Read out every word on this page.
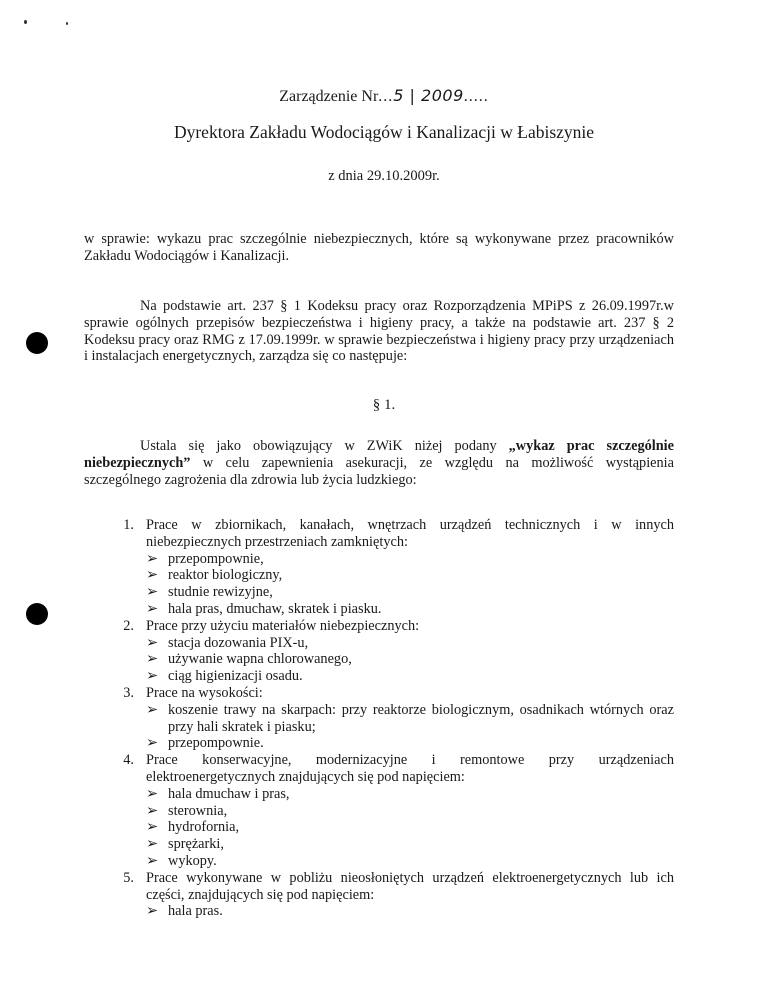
Zarządzenie Nr...5 | 2009.....
Dyrektora Zakładu Wodociągów i Kanalizacji w Łabiszynie
z dnia 29.10.2009r.
w sprawie: wykazu prac szczególnie niebezpiecznych, które są wykonywane przez pracowników Zakładu Wodociągów i Kanalizacji.
Na podstawie art. 237 § 1 Kodeksu pracy oraz Rozporządzenia MPiPS z 26.09.1997r.w sprawie ogólnych przepisów bezpieczeństwa i higieny pracy, a także na podstawie art. 237 § 2 Kodeksu pracy oraz RMG z 17.09.1999r. w sprawie bezpieczeństwa i higieny pracy przy urządzeniach i instalacjach energetycznych, zarządza się co następuje:
§ 1.
Ustala się jako obowiązujący w ZWiK niżej podany „wykaz prac szczególnie niebezpiecznych” w celu zapewnienia asekuracji, ze względu na możliwość wystąpienia szczególnego zagrożenia dla zdrowia lub życia ludzkiego:
1. Prace w zbiornikach, kanałach, wnętrzach urządzeń technicznych i w innych niebezpiecznych przestrzeniach zamkniętych:
➢ przepompownie,
➢ reaktor biologiczny,
➢ studnie rewizyjne,
➢ hala pras, dmuchaw, skratek i piasku.
2. Prace przy użyciu materiałów niebezpiecznych:
➢ stacja dozowania PIX-u,
➢ używanie wapna chlorowanego,
➢ ciąg higienizacji osadu.
3. Prace na wysokości:
➢ koszenie trawy na skarpach: przy reaktorze biologicznym, osadnikach wtórnych oraz przy hali skratek i piasku;
➢ przepompownie.
4. Prace konserwacyjne, modernizacyjne i remontowe przy urządzeniach elektroenergetycznych znajdujących się pod napięciem:
➢ hala dmuchaw i pras,
➢ sterownia,
➢ hydrofornia,
➢ sprężarki,
➢ wykopy.
5. Prace wykonywane w pobliżu nieosłoniętych urządzeń elektroenergetycznych lub ich części, znajdujących się pod napięciem:
➢ hala pras.
